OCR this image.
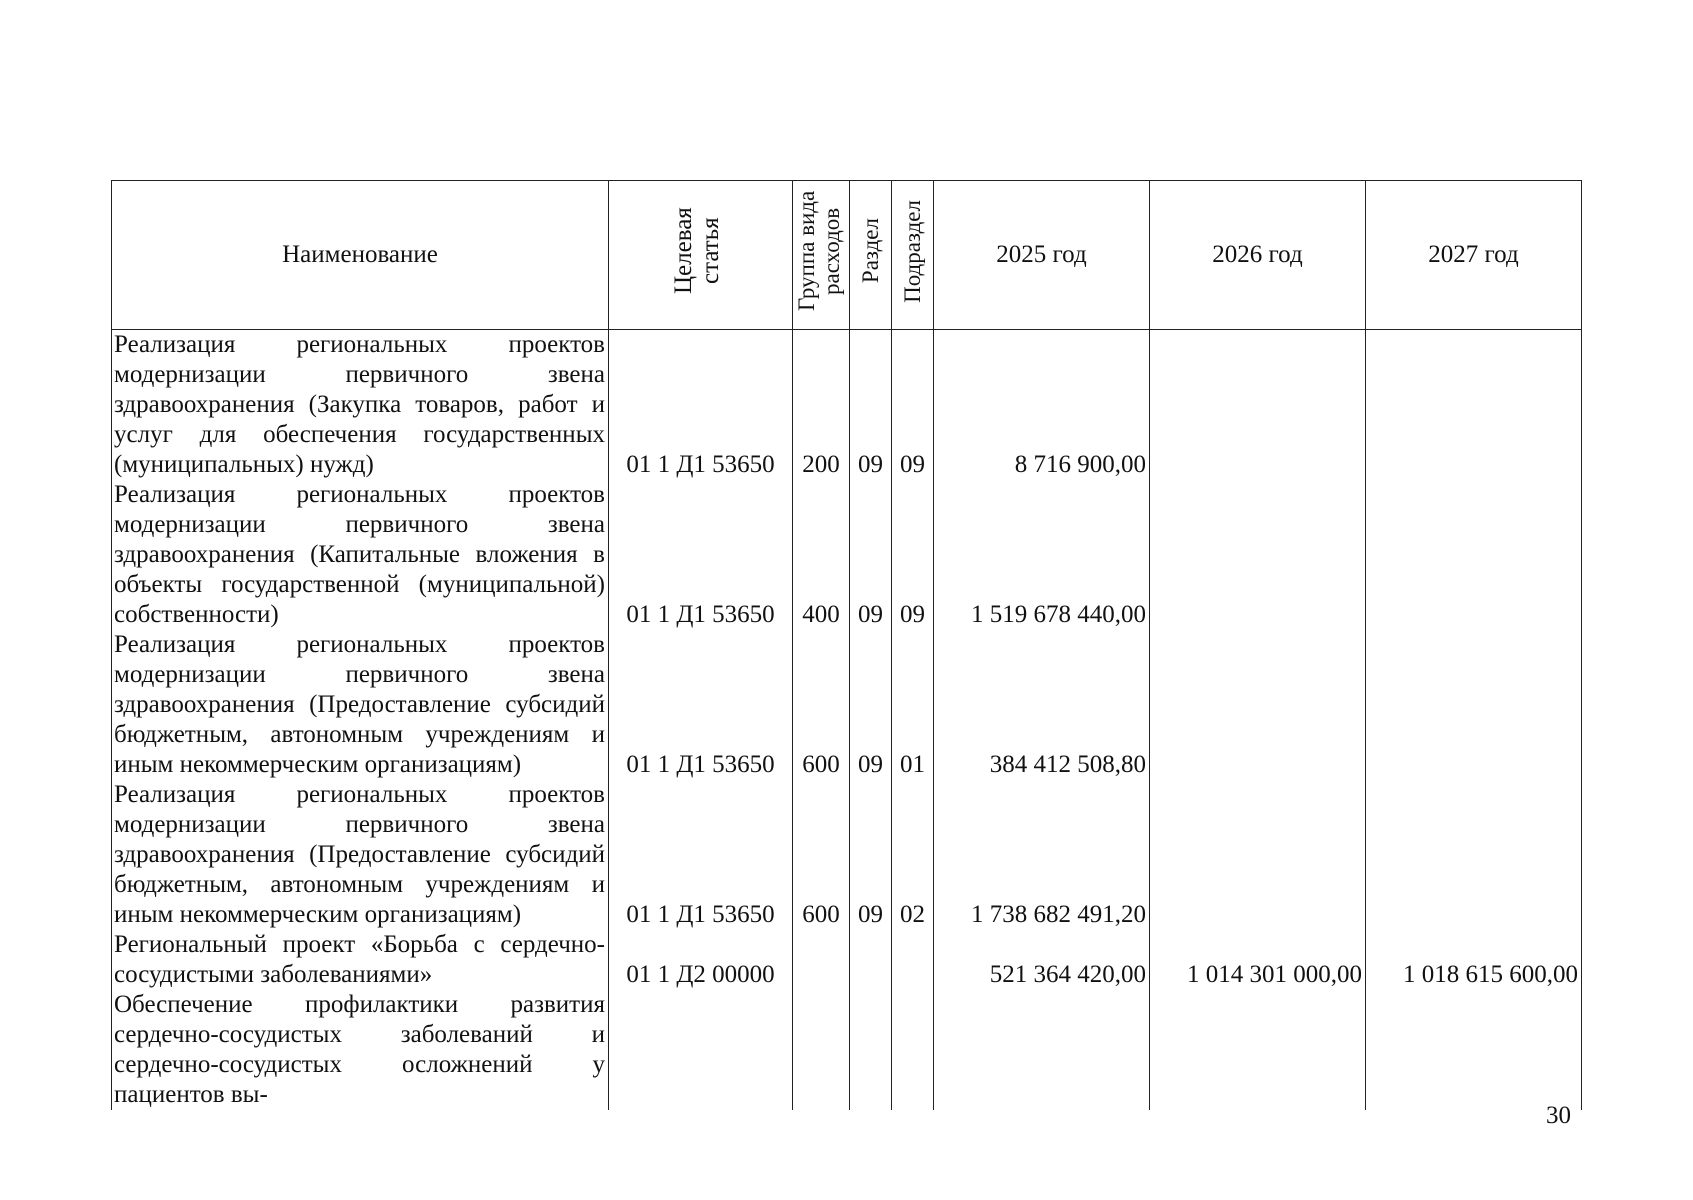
Наименование	Целевая статья	Группа вида расходов	Раздел	Подраздел	2025 год	2026 год	2027 год
Реализация региональных проектов модернизации первичного звена здравоохранения (Закупка товаров, работ и услуг для обеспечения государственных (муниципальных) нужд)	01 1 Д1 53650	200	09	09	8 716 900,00		
Реализация региональных проектов модернизации первичного звена здравоохранения (Капитальные вложения в объекты государственной (муниципальной) собственности)	01 1 Д1 53650	400	09	09	1 519 678 440,00		
Реализация региональных проектов модернизации первичного звена здравоохранения (Предоставление субсидий бюджетным, автономным учреждениям и иным некоммерческим организациям)	01 1 Д1 53650	600	09	01	384 412 508,80		
Реализация региональных проектов модернизации первичного звена здравоохранения (Предоставление субсидий бюджетным, автономным учреждениям и иным некоммерческим организациям)	01 1 Д1 53650	600	09	02	1 738 682 491,20		
Региональный проект «Борьба с сердечно-сосудистыми заболеваниями»	01 1 Д2 00000				521 364 420,00	1 014 301 000,00	1 018 615 600,00
Обеспечение профилактики развития сердечно-сосудистых заболеваний и сердечно-сосудистых осложнений у пациентов вы-							
30
